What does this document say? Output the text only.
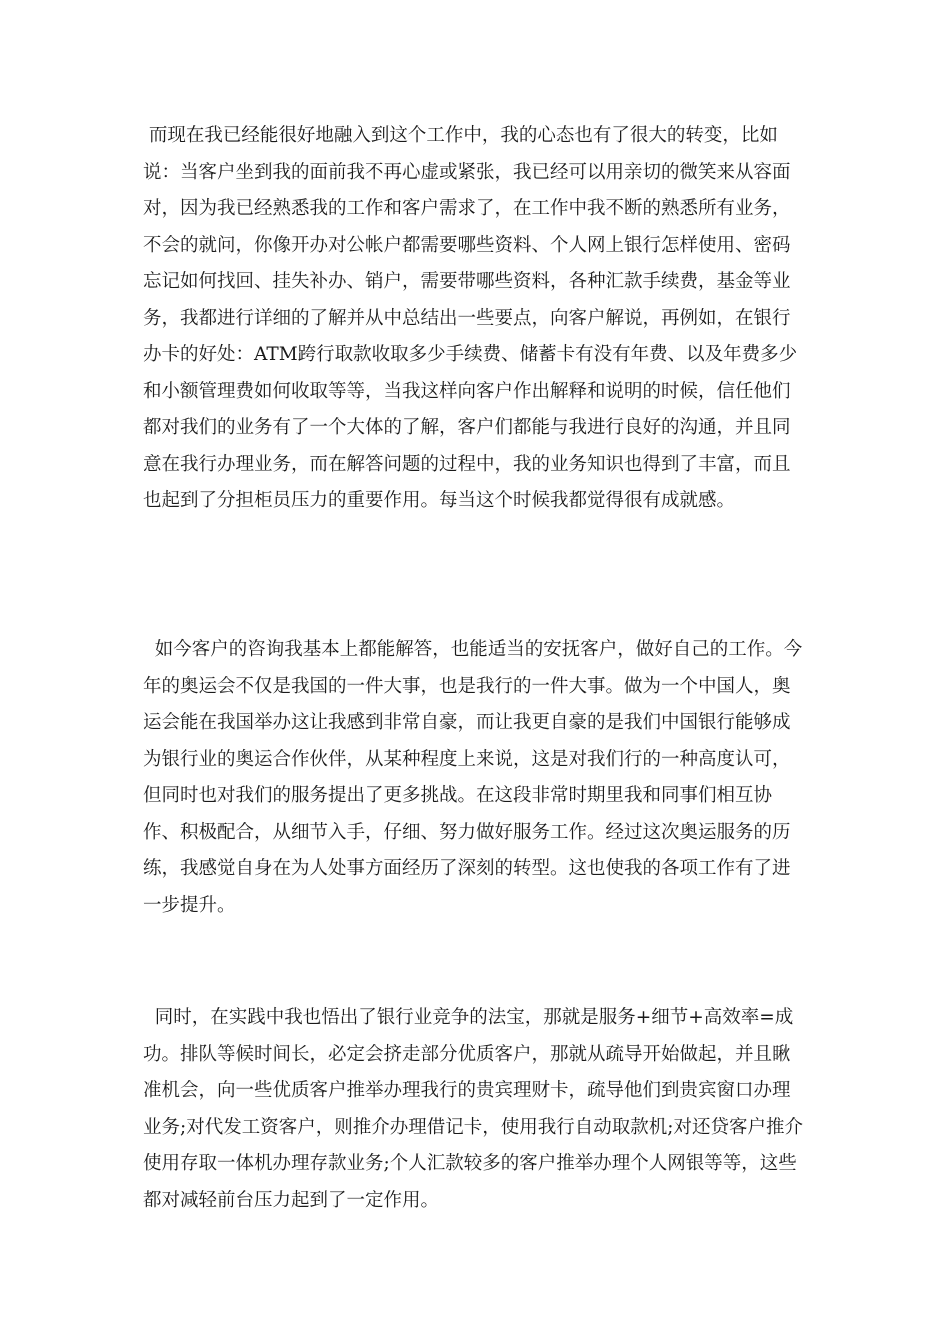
而现在我已经能很好地融入到这个工作中，我的心态也有了很大的转变，比如说：当客户坐到我的面前我不再心虚或紧张，我已经可以用亲切的微笑来从容面对，因为我已经熟悉我的工作和客户需求了，在工作中我不断的熟悉所有业务，不会的就问，你像开办对公帐户都需要哪些资料、个人网上银行怎样使用、密码忘记如何找回、挂失补办、销户，需要带哪些资料，各种汇款手续费，基金等业务，我都进行详细的了解并从中总结出一些要点，向客户解说，再例如，在银行办卡的好处：ATM跨行取款收取多少手续费、储蓄卡有没有年费、以及年费多少和小额管理费如何收取等等，当我这样向客户作出解释和说明的时候，信任他们都对我们的业务有了一个大体的了解，客户们都能与我进行良好的沟通，并且同意在我行办理业务，而在解答问题的过程中，我的业务知识也得到了丰富，而且也起到了分担柜员压力的重要作用。每当这个时候我都觉得很有成就感。

如今客户的咨询我基本上都能解答，也能适当的安抚客户，做好自己的工作。今年的奥运会不仅是我国的一件大事，也是我行的一件大事。做为一个中国人，奥运会能在我国举办这让我感到非常自豪，而让我更自豪的是我们中国银行能够成为银行业的奥运合作伙伴，从某种程度上来说，这是对我们行的一种高度认可，但同时也对我们的服务提出了更多挑战。在这段非常时期里我和同事们相互协作、积极配合，从细节入手，仔细、努力做好服务工作。经过这次奥运服务的历练，我感觉自身在为人处事方面经历了深刻的转型。这也使我的各项工作有了进一步提升。

同时，在实践中我也悟出了银行业竞争的法宝，那就是服务+细节+高效率=成功。排队等候时间长，必定会挤走部分优质客户，那就从疏导开始做起，并且瞅准机会，向一些优质客户推举办理我行的贵宾理财卡，疏导他们到贵宾窗口办理业务;对代发工资客户，则推介办理借记卡，使用我行自动取款机;对还贷客户推介使用存取一体机办理存款业务;个人汇款较多的客户推举办理个人网银等等，这些都对减轻前台压力起到了一定作用。
